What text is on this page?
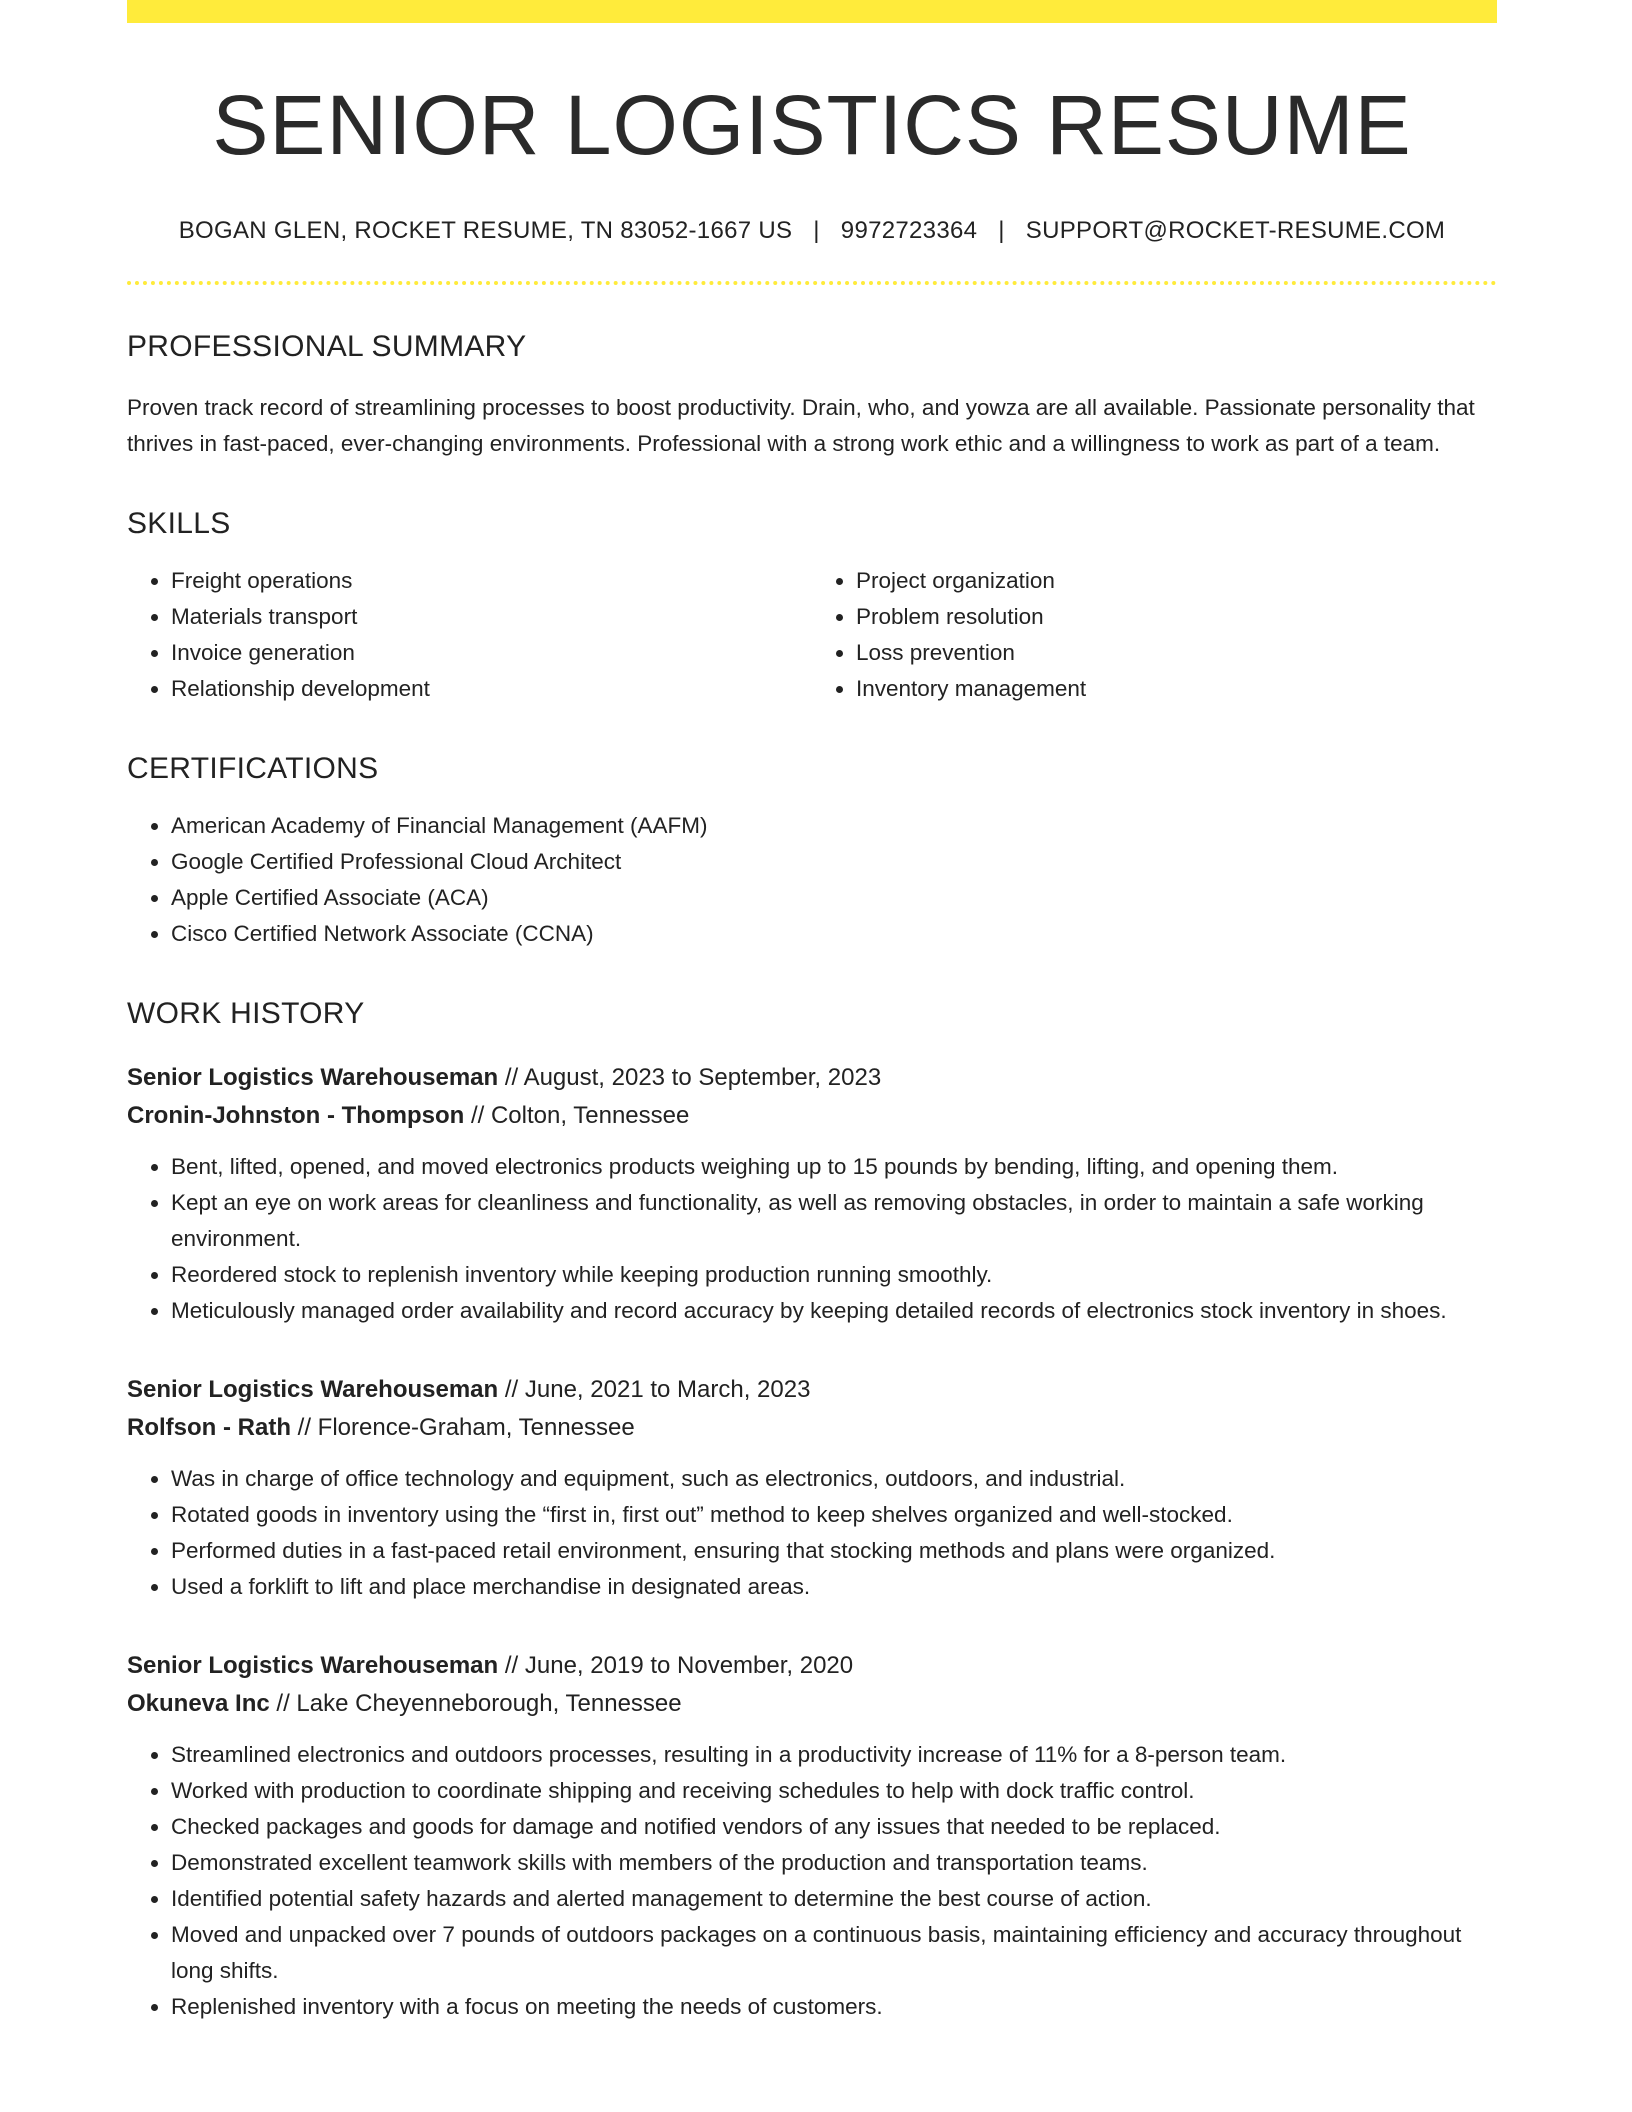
SENIOR LOGISTICS RESUME
BOGAN GLEN, ROCKET RESUME, TN 83052-1667 US | 9972723364 | SUPPORT@ROCKET-RESUME.COM
PROFESSIONAL SUMMARY

Proven track record of streamlining processes to boost productivity. Drain, who, and yowza are all available. Passionate personality that thrives in fast-paced, ever-changing environments. Professional with a strong work ethic and a willingness to work as part of a team.

SKILLS
• Freight operations
• Materials transport
• Invoice generation
• Relationship development
• Project organization
• Problem resolution
• Loss prevention
• Inventory management
CERTIFICATIONS
• American Academy of Financial Management (AAFM)
• Google Certified Professional Cloud Architect
• Apple Certified Associate (ACA)
• Cisco Certified Network Associate (CCNA)
WORK HISTORY
Senior Logistics Warehouseman // August, 2023 to September, 2023
Cronin-Johnston - Thompson // Colton, Tennessee
• Bent, lifted, opened, and moved electronics products weighing up to 15 pounds by bending, lifting, and opening them.
• Kept an eye on work areas for cleanliness and functionality, as well as removing obstacles, in order to maintain a safe working environment.
• Reordered stock to replenish inventory while keeping production running smoothly.
• Meticulously managed order availability and record accuracy by keeping detailed records of electronics stock inventory in shoes.
Senior Logistics Warehouseman // June, 2021 to March, 2023
Rolfson - Rath // Florence-Graham, Tennessee
• Was in charge of office technology and equipment, such as electronics, outdoors, and industrial.
• Rotated goods in inventory using the “first in, first out” method to keep shelves organized and well-stocked.
• Performed duties in a fast-paced retail environment, ensuring that stocking methods and plans were organized.
• Used a forklift to lift and place merchandise in designated areas.
Senior Logistics Warehouseman // June, 2019 to November, 2020
Okuneva Inc // Lake Cheyenneborough, Tennessee
• Streamlined electronics and outdoors processes, resulting in a productivity increase of 11% for a 8-person team.
• Worked with production to coordinate shipping and receiving schedules to help with dock traffic control.
• Checked packages and goods for damage and notified vendors of any issues that needed to be replaced.
• Demonstrated excellent teamwork skills with members of the production and transportation teams.
• Identified potential safety hazards and alerted management to determine the best course of action.
• Moved and unpacked over 7 pounds of outdoors packages on a continuous basis, maintaining efficiency and accuracy throughout long shifts.
• Replenished inventory with a focus on meeting the needs of customers.
